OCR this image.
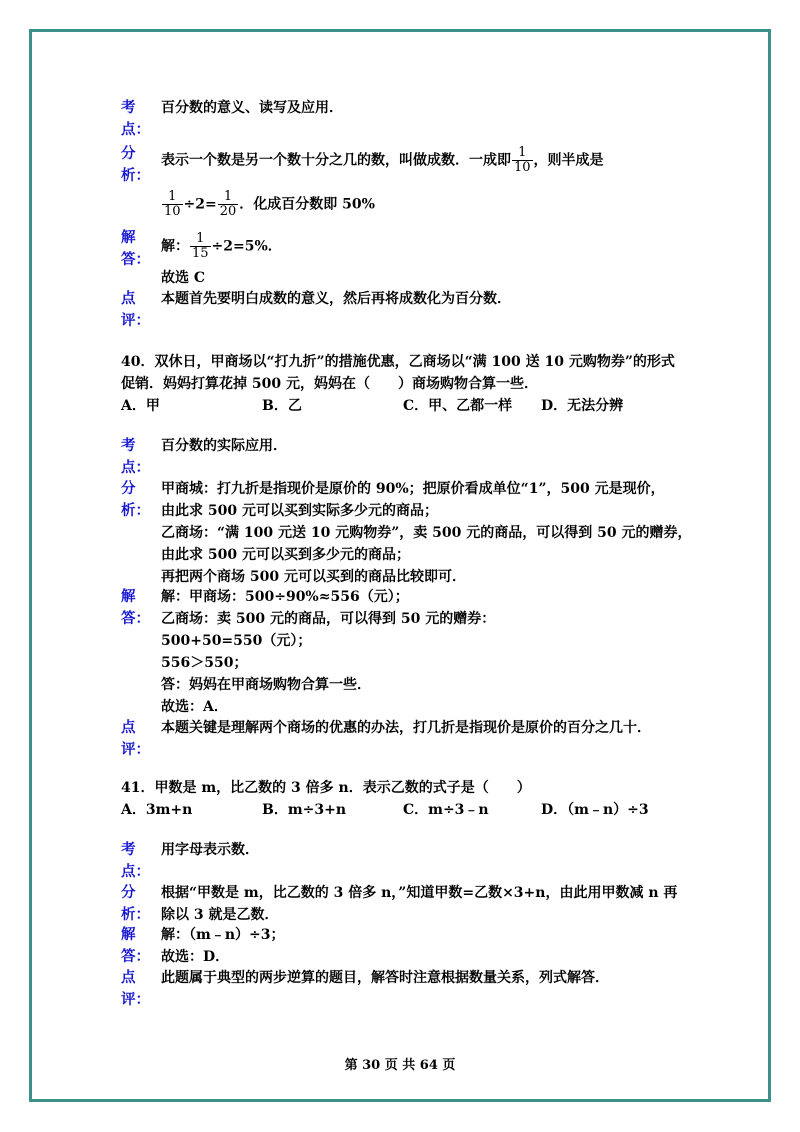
考
点：
百分数的意义、读写及应用．
分
析：
表示一个数是另一个数十分之几的数，叫做成数．一成即 $\frac{1}{10}$ ，则半成是
$\frac{1}{10} \div 2= \frac{1}{20}$ ．化成百分数即 50%
解
答：
解： $\frac{1}{15} \div 2=5\%$．
故选 C
点
评：
本题首先要明白成数的意义，然后再将成数化为百分数．
40．双休日，甲商场以“打九折”的措施优惠，乙商场以“满 100 送 10 元购物券”的形式
促销．妈妈打算花掉 500 元，妈妈在（　　）商场购物合算一些．
A．甲	B．乙	C．甲、乙都一样 D．无法分辨
考
点：
百分数的实际应用．
分
析：
甲商城：打九折是指现价是原价的 90%；把原价看成单位“1”，500 元是现价，
由此求 500 元可以买到实际多少元的商品；
乙商场：“满 100 元送 10 元购物券”，卖 500 元的商品，可以得到 50 元的赠券，
由此求 500 元可以买到多少元的商品；
再把两个商场 500 元可以买到的商品比较即可．
解
答：
解：甲商场：500÷90%≈556（元）；
乙商场：卖 500 元的商品，可以得到 50 元的赠券：
500+50=550（元）；
556＞550；
答：妈妈在甲商场购物合算一些．
故选：A．
点
评：
本题关键是理解两个商场的优惠的办法，打几折是指现价是原价的百分之几十．
41．甲数是 m，比乙数的 3 倍多 n．表示乙数的式子是（　　）
A．3m+n	B．m÷3+n	C．m÷3﹣n	D．（m﹣n）÷3
考
点：
用字母表示数．
分
析：
根据“甲数是 m，比乙数的 3 倍多 n，”知道甲数=乙数×3+n，由此用甲数减 n 再
除以 3 就是乙数．
解
答：
解：（m﹣n）÷3；
故选：D．
点
评：
此题属于典型的两步逆算的题目，解答时注意根据数量关系，列式解答．
第 30 页 共 64 页
